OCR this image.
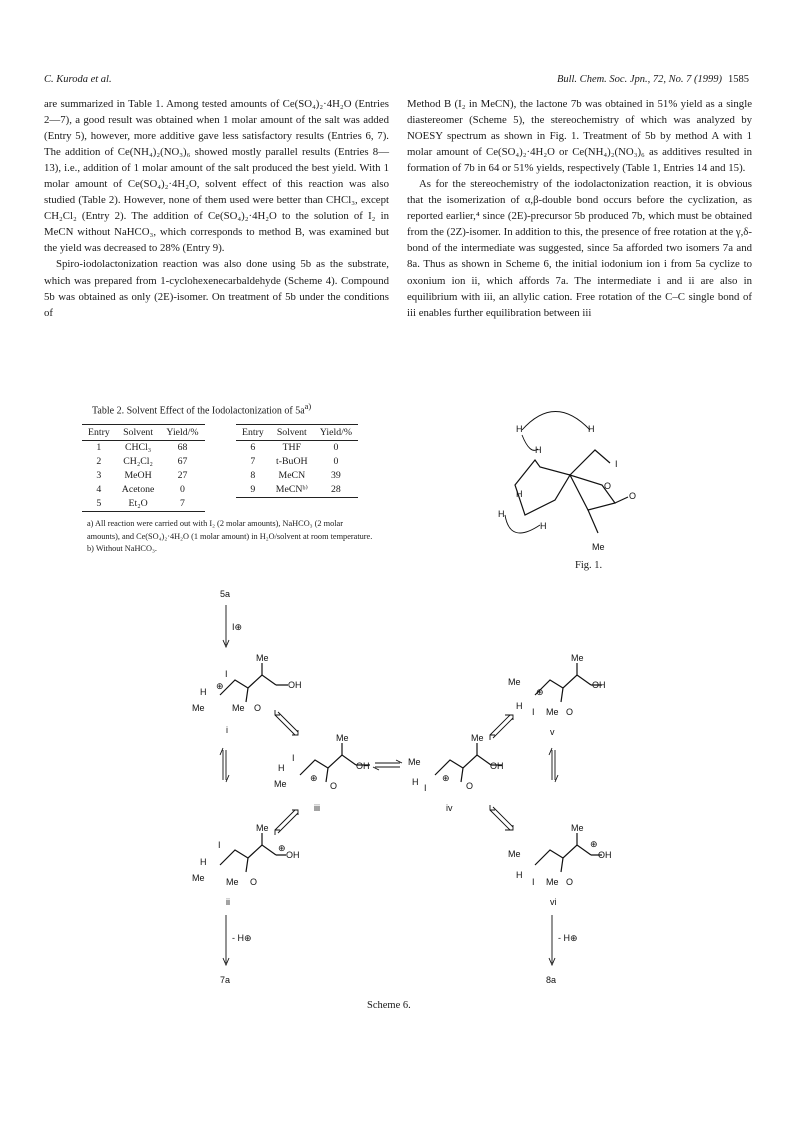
C. Kuroda et al.	Bull. Chem. Soc. Jpn., 72, No. 7 (1999) 1585

are summarized in Table 1. Among tested amounts of Ce(SO₄)₂·4H₂O (Entries 2—7), a good result was obtained when 1 molar amount of the salt was added (Entry 5), however, more additive gave less satisfactory results (Entries 6, 7). The addition of Ce(NH₄)₂(NO₃)₆ showed mostly parallel results (Entries 8—13), i.e., addition of 1 molar amount of the salt produced the best yield. With 1 molar amount of Ce(SO₄)₂·4H₂O, solvent effect of this reaction was also studied (Table 2). However, none of them used were better than CHCl₃, except CH₂Cl₂ (Entry 2). The addition of Ce(SO₄)₂·4H₂O to the solution of I₂ in MeCN without NaHCO₃, which corresponds to method B, was examined but the yield was decreased to 28% (Entry 9).

Spiro-iodolactonization reaction was also done using 5b as the substrate, which was prepared from 1-cyclohexenecarbaldehyde (Scheme 4). Compound 5b was obtained as only (2E)-isomer. On treatment of 5b under the conditions of

Method B (I₂ in MeCN), the lactone 7b was obtained in 51% yield as a single diastereomer (Scheme 5), the stereochemistry of which was analyzed by NOESY spectrum as shown in Fig. 1. Treatment of 5b by method A with 1 molar amount of Ce(SO₄)₂·4H₂O or Ce(NH₄)₂(NO₃)₆ as additives resulted in formation of 7b in 64 or 51% yields, respectively (Table 1, Entries 14 and 15).

As for the stereochemistry of the iodolactonization reaction, it is obvious that the isomerization of α,β-double bond occurs before the cyclization, as reported earlier,⁴ since (2E)-precursor 5b produced 7b, which must be obtained from the (2Z)-isomer. In addition to this, the presence of free rotation at the γ,δ-bond of the intermediate was suggested, since 5a afforded two isomers 7a and 8a. Thus as shown in Scheme 6, the initial iodonium ion i from 5a cyclize to oxonium ion ii, which affords 7a. The intermediate i and ii are also in equilibrium with iii, an allylic cation. Free rotation of the C–C single bond of iii enables further equilibration between iii

Table 2. Solvent Effect of the Iodolactonization of $5a^{a)}$
Entry	Solvent	Yield/%
1	CHCl₃	68
2	CH₂Cl₂	67
3	MeOH	27
4	Acetone	0
5	Et₂O	7
Entry	Solvent	Yield/%
6	THF	0
7	t-BuOH	0
8	MeCN	39
9	MeCNᵇ⁾	28

a) All reaction were carried out with I₂ (2 molar amounts), NaHCO₃ (2 molar amounts), and Ce(SO₄)₂·4H₂O (1 molar amount) in H₂O/solvent at room temperature. b) Without NaHCO₃.

H	H
H
I
H
H
H
O
O
Me
Fig. 1.
5a
I⊕
Me
OH
H
I
Me	Me O
⊕
i
Me
OH
⊕
H
I
Me Me O
ii
- H⊕
7a
Me
OH
H
I
Me	O
⊕
iii
Me
OH
Me
H
I
⊕
O
iv
Me
OH
Me
H
I
⊕
Me O
v
Me
OH
⊕
Me
H
I Me O
vi
- H⊕
8a
Scheme 6.
